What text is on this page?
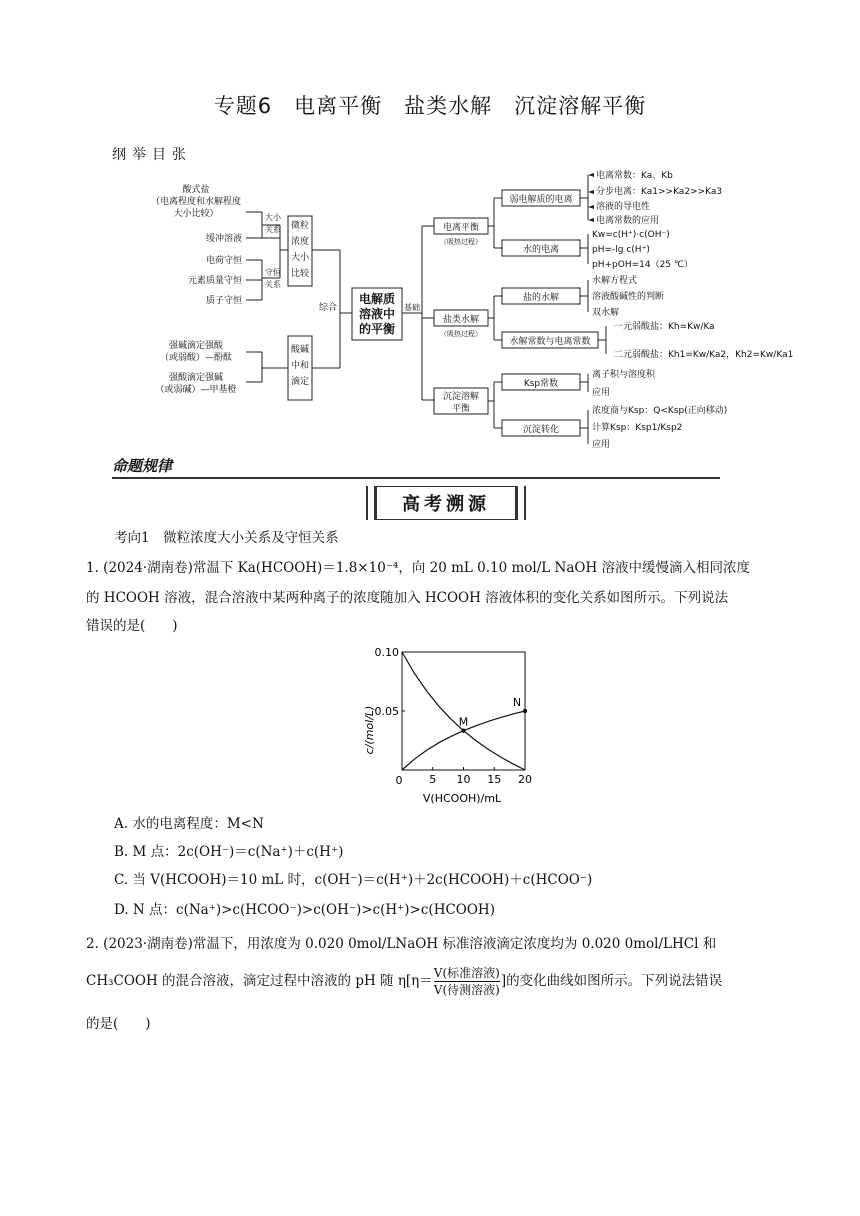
专题6　电离平衡　盐类水解　沉淀溶解平衡
纲举目张
酸式盐
（电离程度和水解程度
大小比较）
缓冲溶液
电荷守恒
元素质量守恒
质子守恒
强碱滴定强酸
（或弱酸）—酚酞
强酸滴定强碱
（或弱碱）—甲基橙
大小
关系
守恒
关系
微粒
浓度
大小
比较
酸碱
中和
滴定
综合	基础
电解质
溶液中
的平衡
电离平衡
（吸热过程）
盐类水解
（吸热过程）
沉淀溶解
平衡
弱电解质的电离
水的电离
盐的水解
水解常数与电离常数
Ksp常数
沉淀转化
电离常数：Ka、Kb
分步电离：Ka1>>Ka2>>Ka3
溶液的导电性
电离常数的应用
Kw=c(H⁺)·c(OH⁻)
pH=-lg c(H⁺)
pH+pOH=14（25 ℃）
水解方程式
溶液酸碱性的判断
双水解
一元弱酸盐：Kh=Kw/Ka
二元弱酸盐：Kh1=Kw/Ka2，Kh2=Kw/Ka1
离子积与溶度积
应用
浓度商与Ksp：Q<Ksp(正向移动)
计算Ksp：Ksp1/Ksp2
应用
命题规律
高考溯源
考向1　微粒浓度大小关系及守恒关系
1. (2024·湖南卷)常温下 Ka(HCOOH)＝1.8×10⁻⁴，向 20 mL 0.10 mol/L NaOH 溶液中缓慢滴入相同浓度
的 HCOOH 溶液，混合溶液中某两种离子的浓度随加入 HCOOH 溶液体积的变化关系如图所示。下列说法
错误的是(　　)
c/(mol/L)
V(HCOOH)/mL
0 5 10 15 20
0.05
0.10
M
N
A. 水的电离程度：M<N
B. M 点：2c(OH⁻)＝c(Na⁺)＋c(H⁺)
C. 当 V(HCOOH)＝10 mL 时，c(OH⁻)＝c(H⁺)＋2c(HCOOH)＋c(HCOO⁻)
D. N 点：c(Na⁺)>c(HCOO⁻)>c(OH⁻)>c(H⁺)>c(HCOOH)
2. (2023·湖南卷)常温下，用浓度为 0.020 0mol/LNaOH 标准溶液滴定浓度均为 0.020 0mol/LHCl 和
CH₃COOH 的混合溶液，滴定过程中溶液的 pH 随 $\eta[\eta= \frac{\text{V(标准溶液)}}{\text{V(待测溶液)}}$ ]的变化曲线如图所示。下列说法错误
的是(　　)
